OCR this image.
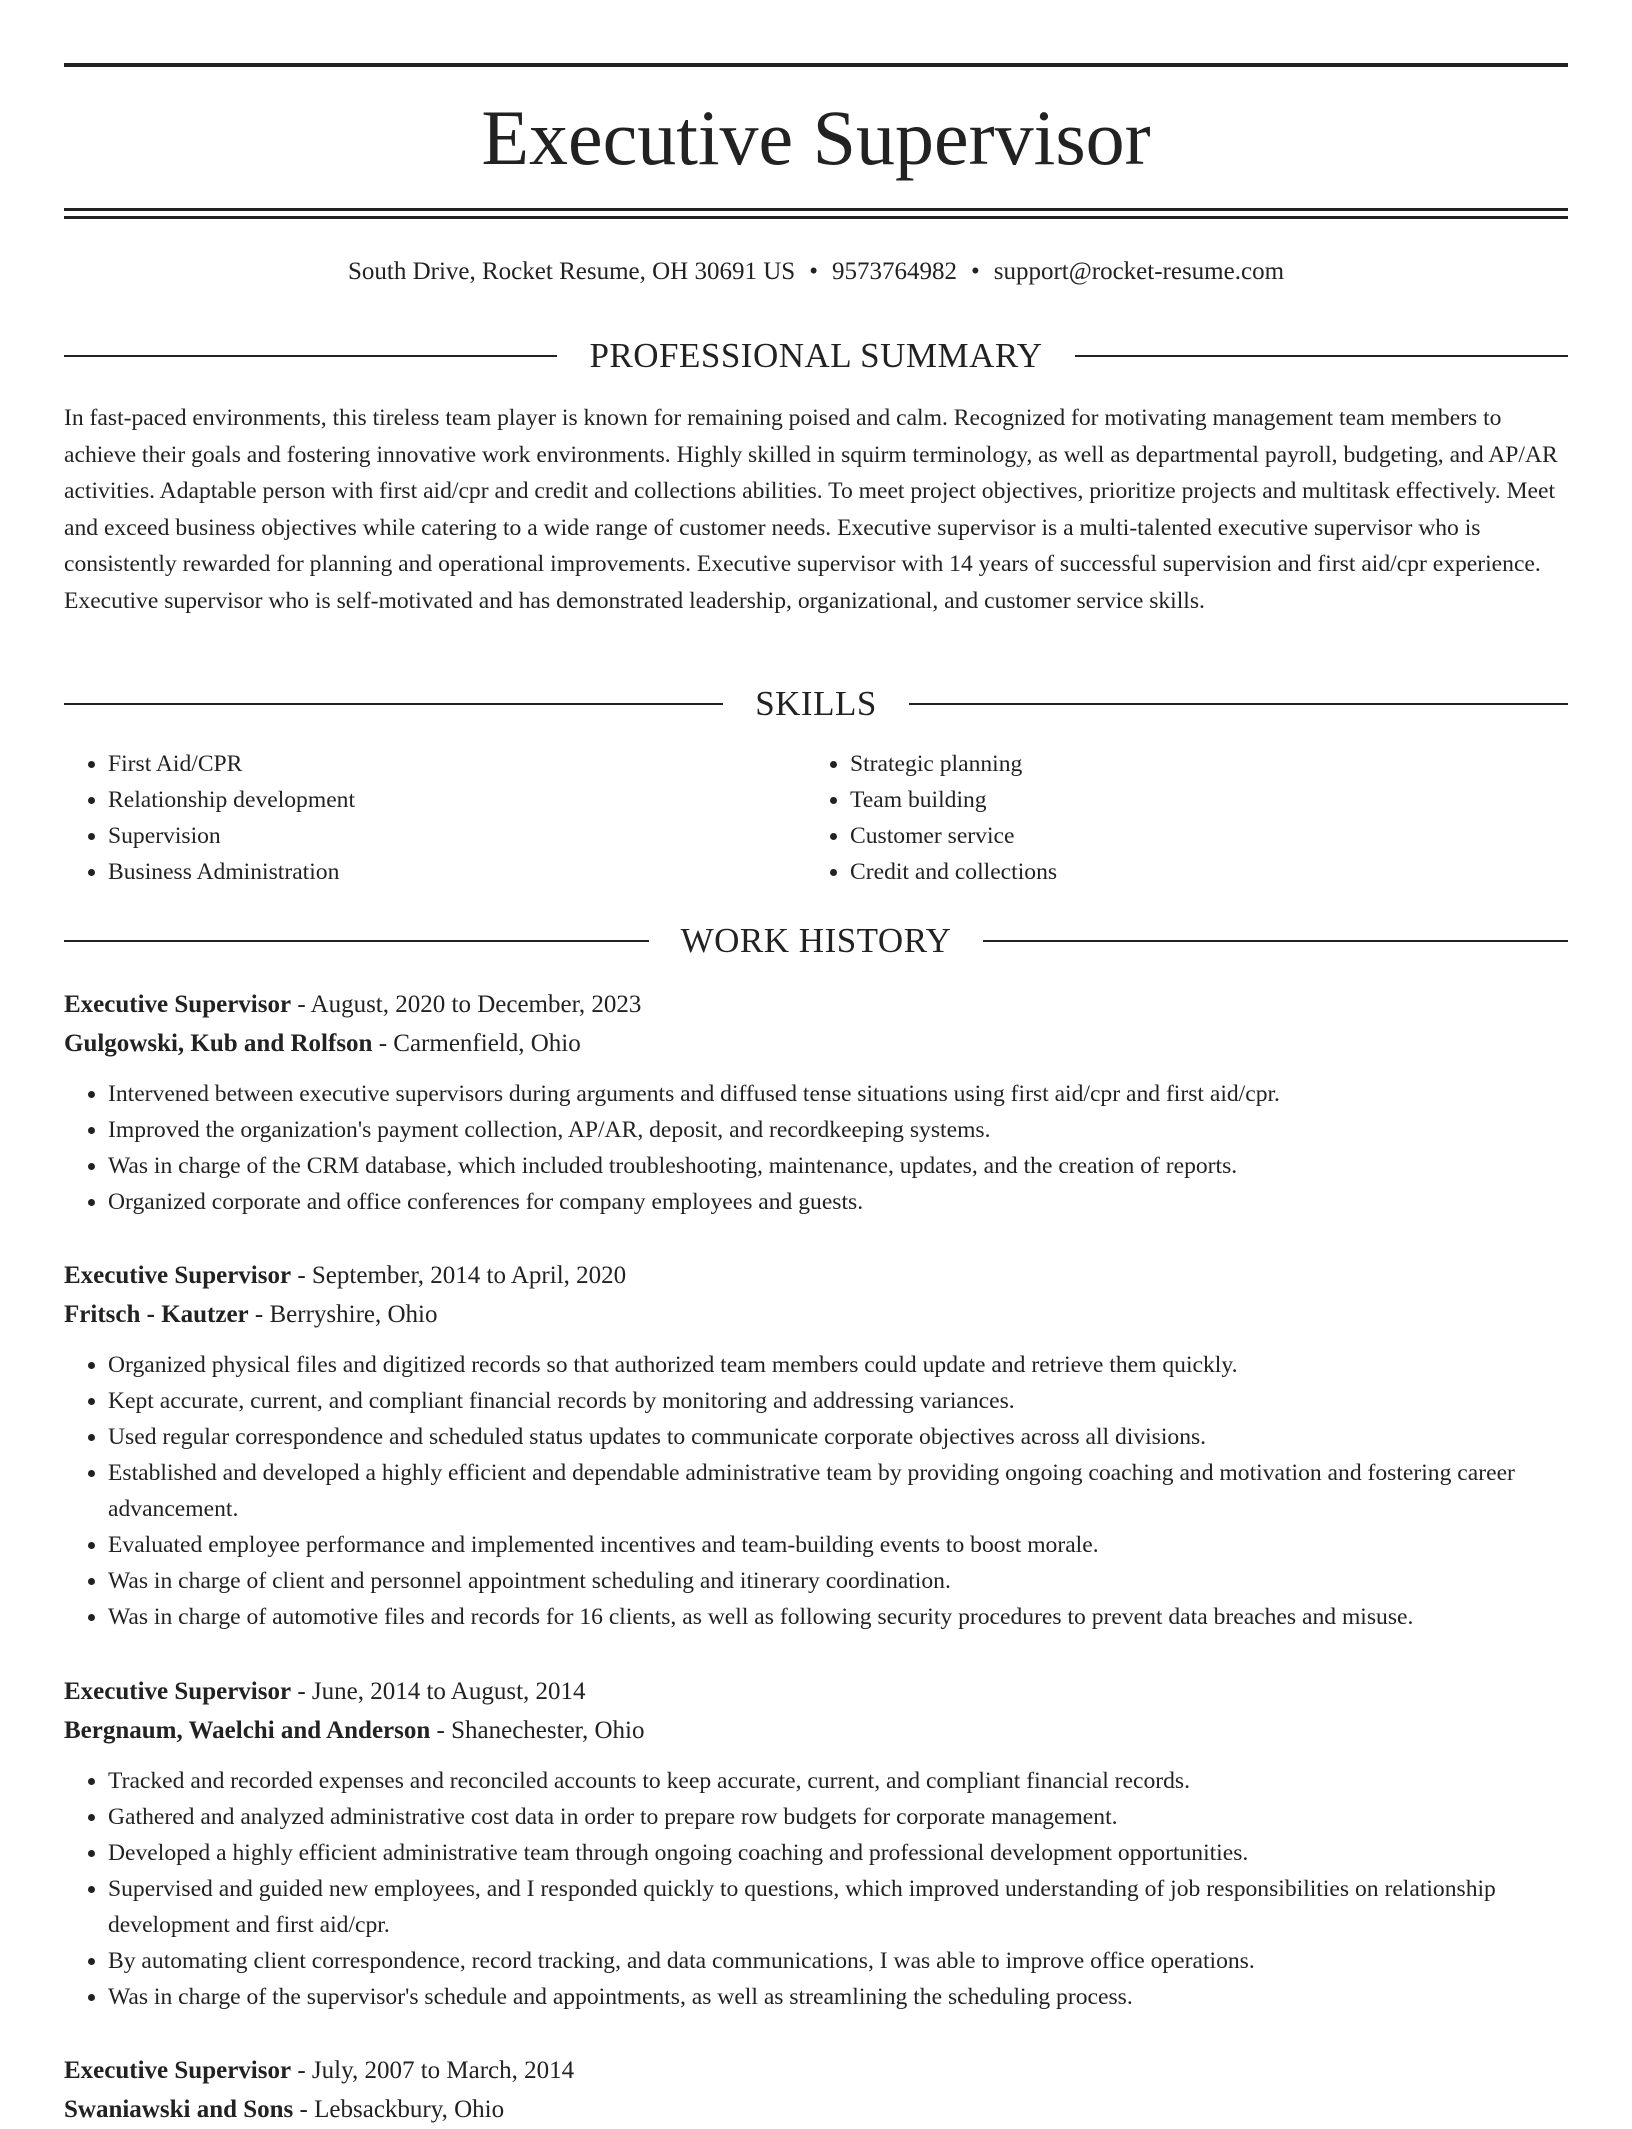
Executive Supervisor
South Drive, Rocket Resume, OH 30691 US • 9573764982 • support@rocket-resume.com
PROFESSIONAL SUMMARY

In fast-paced environments, this tireless team player is known for remaining poised and calm. Recognized for motivating management team members to achieve their goals and fostering innovative work environments. Highly skilled in squirm terminology, as well as departmental payroll, budgeting, and AP/AR activities. Adaptable person with first aid/cpr and credit and collections abilities. To meet project objectives, prioritize projects and multitask effectively. Meet and exceed business objectives while catering to a wide range of customer needs. Executive supervisor is a multi-talented executive supervisor who is consistently rewarded for planning and operational improvements. Executive supervisor with 14 years of successful supervision and first aid/cpr experience. Executive supervisor who is self-motivated and has demonstrated leadership, organizational, and customer service skills.

SKILLS
• First Aid/CPR
• Relationship development
• Supervision
• Business Administration
• Strategic planning
• Team building
• Customer service
• Credit and collections
WORK HISTORY
Executive Supervisor - August, 2020 to December, 2023
Gulgowski, Kub and Rolfson - Carmenfield, Ohio
• Intervened between executive supervisors during arguments and diffused tense situations using first aid/cpr and first aid/cpr.
• Improved the organization's payment collection, AP/AR, deposit, and recordkeeping systems.
• Was in charge of the CRM database, which included troubleshooting, maintenance, updates, and the creation of reports.
• Organized corporate and office conferences for company employees and guests.
Executive Supervisor - September, 2014 to April, 2020
Fritsch - Kautzer - Berryshire, Ohio
• Organized physical files and digitized records so that authorized team members could update and retrieve them quickly.
• Kept accurate, current, and compliant financial records by monitoring and addressing variances.
• Used regular correspondence and scheduled status updates to communicate corporate objectives across all divisions.
• Established and developed a highly efficient and dependable administrative team by providing ongoing coaching and motivation and fostering career advancement.
• Evaluated employee performance and implemented incentives and team-building events to boost morale.
• Was in charge of client and personnel appointment scheduling and itinerary coordination.
• Was in charge of automotive files and records for 16 clients, as well as following security procedures to prevent data breaches and misuse.
Executive Supervisor - June, 2014 to August, 2014
Bergnaum, Waelchi and Anderson - Shanechester, Ohio
• Tracked and recorded expenses and reconciled accounts to keep accurate, current, and compliant financial records.
• Gathered and analyzed administrative cost data in order to prepare row budgets for corporate management.
• Developed a highly efficient administrative team through ongoing coaching and professional development opportunities.
• Supervised and guided new employees, and I responded quickly to questions, which improved understanding of job responsibilities on relationship development and first aid/cpr.
• By automating client correspondence, record tracking, and data communications, I was able to improve office operations.
• Was in charge of the supervisor's schedule and appointments, as well as streamlining the scheduling process.
Executive Supervisor - July, 2007 to March, 2014
Swaniawski and Sons - Lebsackbury, Ohio
